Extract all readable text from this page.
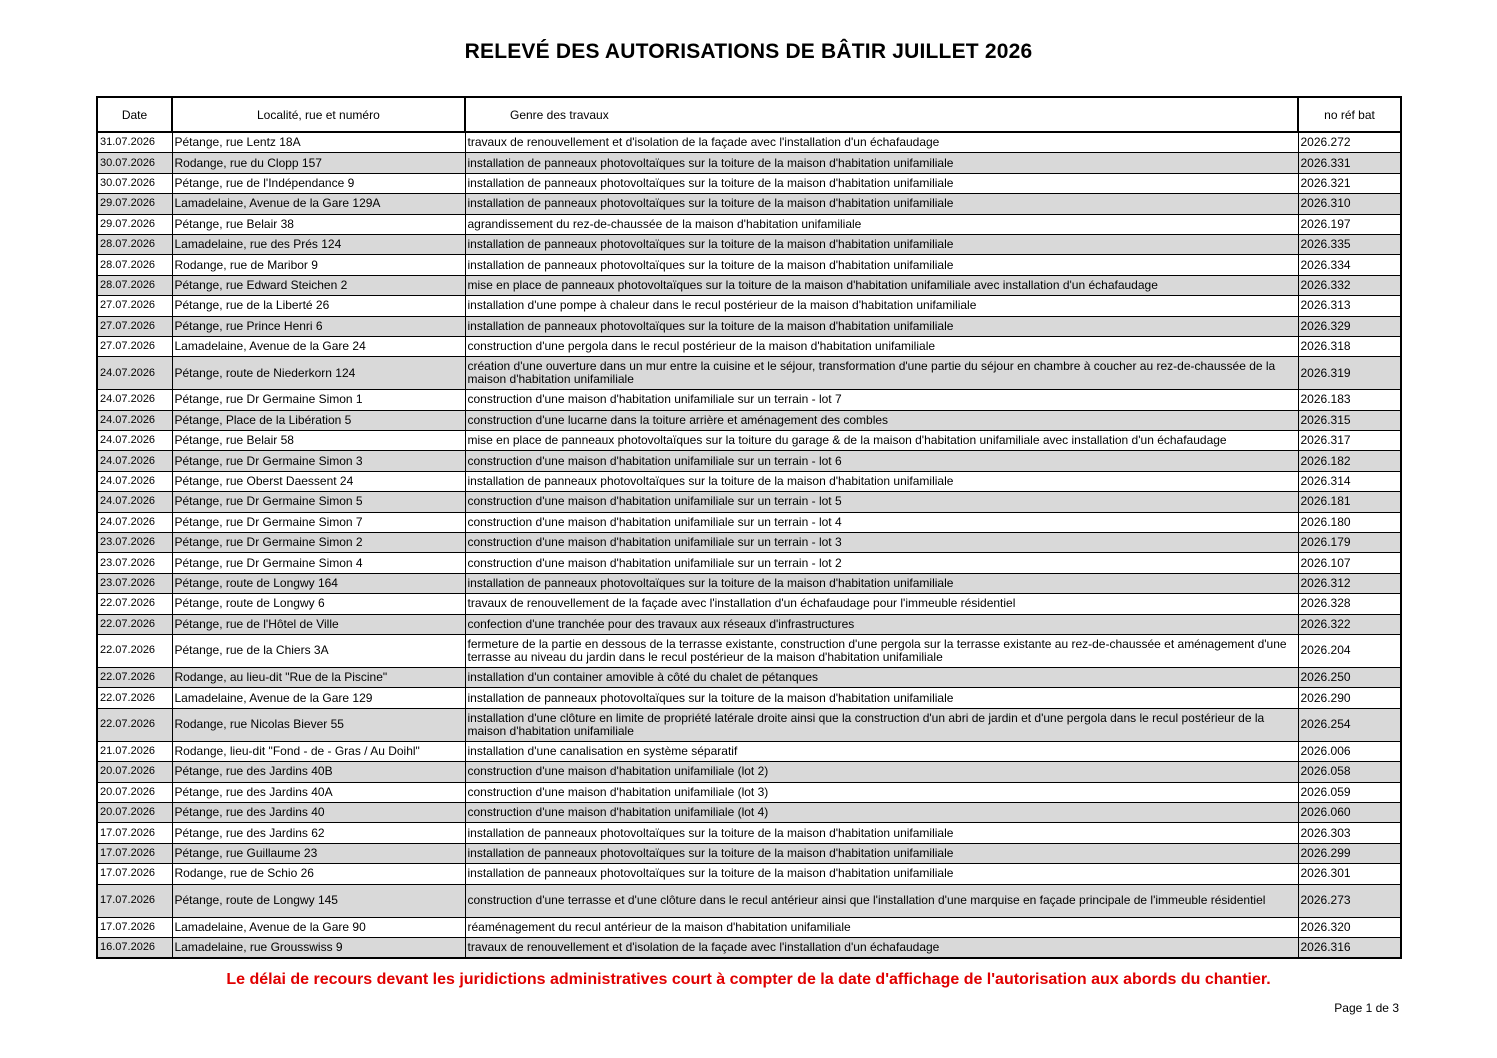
RELEVÉ DES AUTORISATIONS DE BÂTIR JUILLET 2026
Date	Localité, rue et numéro	Genre des travaux	no réf bat
31.07.2026	Pétange, rue Lentz 18A	travaux de renouvellement et d'isolation de la façade avec l'installation d'un échafaudage	2026.272
30.07.2026	Rodange, rue du Clopp 157	installation de panneaux photovoltaïques sur la toiture de la maison d'habitation unifamiliale	2026.331
30.07.2026	Pétange, rue de l'Indépendance 9	installation de panneaux photovoltaïques sur la toiture de la maison d'habitation unifamiliale	2026.321
29.07.2026	Lamadelaine, Avenue de la Gare 129A	installation de panneaux photovoltaïques sur la toiture de la maison d'habitation unifamiliale	2026.310
29.07.2026	Pétange, rue Belair 38	agrandissement du rez-de-chaussée de la maison d'habitation unifamiliale	2026.197
28.07.2026	Lamadelaine, rue des Prés 124	installation de panneaux photovoltaïques sur la toiture de la maison d'habitation unifamiliale	2026.335
28.07.2026	Rodange, rue de Maribor 9	installation de panneaux photovoltaïques sur la toiture de la maison d'habitation unifamiliale	2026.334
28.07.2026	Pétange, rue Edward Steichen 2	mise en place de panneaux photovoltaïques sur la toiture de la maison d'habitation unifamiliale avec installation d'un échafaudage	2026.332
27.07.2026	Pétange, rue de la Liberté 26	installation d'une pompe à chaleur dans le recul postérieur de la maison d'habitation unifamiliale	2026.313
27.07.2026	Pétange, rue Prince Henri 6	installation de panneaux photovoltaïques sur la toiture de la maison d'habitation unifamiliale	2026.329
27.07.2026	Lamadelaine, Avenue de la Gare 24	construction d'une pergola dans le recul postérieur de la maison d'habitation unifamiliale	2026.318
24.07.2026	Pétange, route de Niederkorn 124	création d'une ouverture dans un mur entre la cuisine et le séjour, transformation d'une partie du séjour en chambre à coucher au rez-de-chaussée de la maison d'habitation unifamiliale	2026.319
24.07.2026	Pétange, rue Dr Germaine Simon 1	construction d'une maison d'habitation unifamiliale sur un terrain - lot 7	2026.183
24.07.2026	Pétange, Place de la Libération 5	construction d'une lucarne dans la toiture arrière et aménagement des combles	2026.315
24.07.2026	Pétange, rue Belair 58	mise en place de panneaux photovoltaïques sur la toiture du garage & de la maison d'habitation unifamiliale avec installation d'un échafaudage	2026.317
24.07.2026	Pétange, rue Dr Germaine Simon 3	construction d'une maison d'habitation unifamiliale sur un terrain - lot 6	2026.182
24.07.2026	Pétange, rue Oberst Daessent 24	installation de panneaux photovoltaïques sur la toiture de la maison d'habitation unifamiliale	2026.314
24.07.2026	Pétange, rue Dr Germaine Simon 5	construction d'une maison d'habitation unifamiliale sur un terrain - lot 5	2026.181
24.07.2026	Pétange, rue Dr Germaine Simon 7	construction d'une maison d'habitation unifamiliale sur un terrain - lot 4	2026.180
23.07.2026	Pétange, rue Dr Germaine Simon 2	construction d'une maison d'habitation unifamiliale sur un terrain - lot 3	2026.179
23.07.2026	Pétange, rue Dr Germaine Simon 4	construction d'une maison d'habitation unifamiliale sur un terrain - lot 2	2026.107
23.07.2026	Pétange, route de Longwy 164	installation de panneaux photovoltaïques sur la toiture de la maison d'habitation unifamiliale	2026.312
22.07.2026	Pétange, route de Longwy 6	travaux de renouvellement de la façade avec l'installation d'un échafaudage pour l'immeuble résidentiel	2026.328
22.07.2026	Pétange, rue de l'Hôtel de Ville	confection d'une tranchée pour des travaux aux réseaux d'infrastructures	2026.322
22.07.2026	Pétange, rue de la Chiers 3A	fermeture de la partie en dessous de la terrasse existante, construction d'une pergola sur la terrasse existante au rez-de-chaussée et aménagement d'une terrasse au niveau du jardin dans le recul postérieur de la maison d'habitation unifamiliale	2026.204
22.07.2026	Rodange, au lieu-dit "Rue de la Piscine"	installation d'un container amovible à côté du chalet de pétanques	2026.250
22.07.2026	Lamadelaine, Avenue de la Gare 129	installation de panneaux photovoltaïques sur la toiture de la maison d'habitation unifamiliale	2026.290
22.07.2026	Rodange, rue Nicolas Biever 55	installation d'une clôture en limite de propriété latérale droite ainsi que la construction d'un abri de jardin et d'une pergola dans le recul postérieur de la maison d'habitation unifamiliale	2026.254
21.07.2026	Rodange, lieu-dit "Fond - de - Gras / Au Doihl"	installation d'une canalisation en système séparatif	2026.006
20.07.2026	Pétange, rue des Jardins 40B	construction d'une maison d'habitation unifamiliale (lot 2)	2026.058
20.07.2026	Pétange, rue des Jardins 40A	construction d'une maison d'habitation unifamiliale (lot 3)	2026.059
20.07.2026	Pétange, rue des Jardins 40	construction d'une maison d'habitation unifamiliale (lot 4)	2026.060
17.07.2026	Pétange, rue des Jardins 62	installation de panneaux photovoltaïques sur la toiture de la maison d'habitation unifamiliale	2026.303
17.07.2026	Pétange, rue Guillaume 23	installation de panneaux photovoltaïques sur la toiture de la maison d'habitation unifamiliale	2026.299
17.07.2026	Rodange, rue de Schio 26	installation de panneaux photovoltaïques sur la toiture de la maison d'habitation unifamiliale	2026.301
17.07.2026	Pétange, route de Longwy 145	construction d'une terrasse et d'une clôture dans le recul antérieur ainsi que l'installation d'une marquise en façade principale de l'immeuble résidentiel	2026.273
17.07.2026	Lamadelaine, Avenue de la Gare 90	réaménagement du recul antérieur de la maison d'habitation unifamiliale	2026.320
16.07.2026	Lamadelaine, rue Grousswiss 9	travaux de renouvellement et d'isolation de la façade avec l'installation d'un échafaudage	2026.316
Le délai de recours devant les juridictions administratives court à compter de la date d'affichage de l'autorisation aux abords du chantier.
Page 1 de 3
